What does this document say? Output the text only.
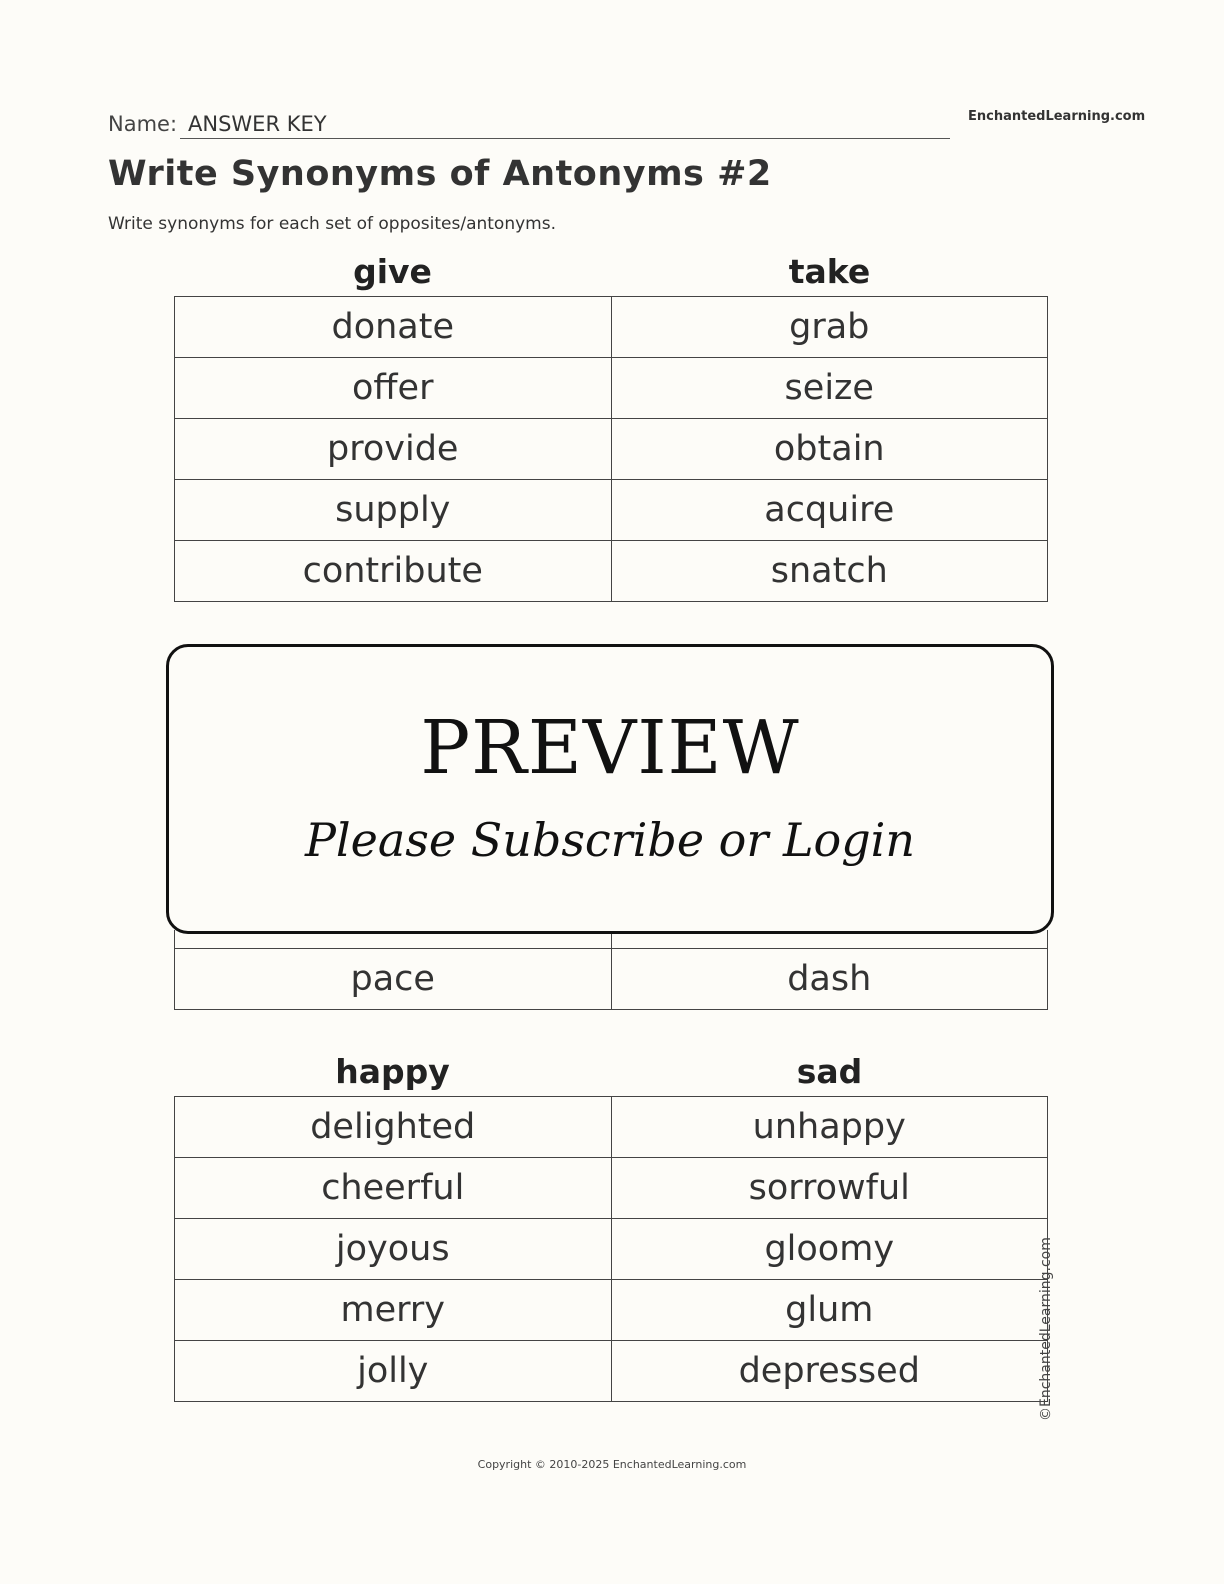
Name: ANSWER KEY	EnchantedLearning.com
Write Synonyms of Antonyms #2
Write synonyms for each set of opposites/antonyms.
give	take
donate	grab
offer	seize
provide	obtain
supply	acquire
contribute	snatch

pace	dash
PREVIEW
Please Subscribe or Login
happy	sad
delighted	unhappy
cheerful	sorrowful
joyous	gloomy
merry	glum
jolly	depressed	©EnchantedLearning.com
Copyright © 2010-2025 EnchantedLearning.com
